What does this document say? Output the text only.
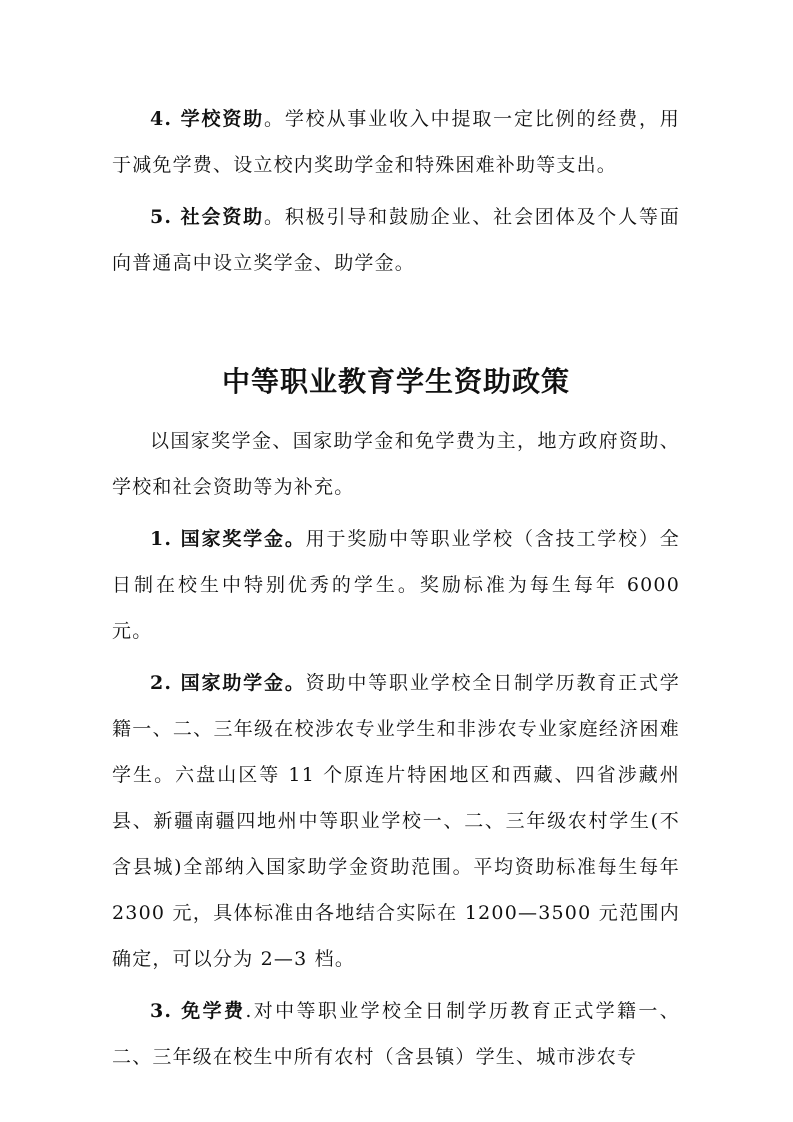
4. 学校资助。学校从事业收入中提取一定比例的经费，用于减免学费、设立校内奖助学金和特殊困难补助等支出。

5. 社会资助。积极引导和鼓励企业、社会团体及个人等面向普通高中设立奖学金、助学金。

中等职业教育学生资助政策

以国家奖学金、国家助学金和免学费为主，地方政府资助、学校和社会资助等为补充。

1. 国家奖学金。用于奖励中等职业学校（含技工学校）全日制在校生中特别优秀的学生。奖励标准为每生每年 6000 元。

2. 国家助学金。资助中等职业学校全日制学历教育正式学籍一、二、三年级在校涉农专业学生和非涉农专业家庭经济困难学生。六盘山区等 11 个原连片特困地区和西藏、四省涉藏州县、新疆南疆四地州中等职业学校一、二、三年级农村学生(不含县城)全部纳入国家助学金资助范围。平均资助标准每生每年 2300 元，具体标准由各地结合实际在 1200—3500 元范围内确定，可以分为 2—3 档。

3. 免学费.对中等职业学校全日制学历教育正式学籍一、二、三年级在校生中所有农村（含县镇）学生、城市涉农专
